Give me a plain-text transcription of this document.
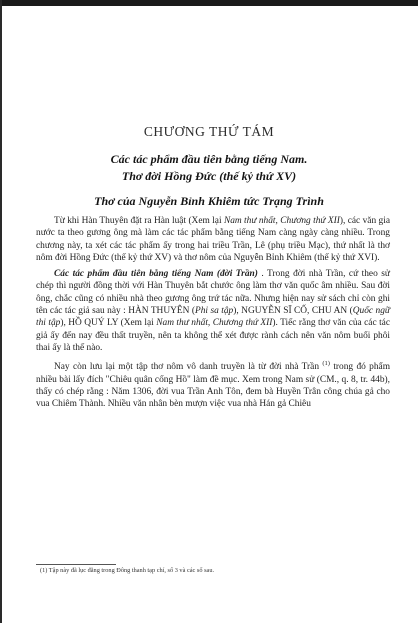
CHƯƠNG THỨ TÁM
Các tác phẩm đầu tiên bằng tiếng Nam.
Thơ đời Hồng Đức (thế kỷ thứ XV)
Thơ của Nguyễn Bỉnh Khiêm tức Trạng Trình

Từ khi Hàn Thuyên đặt ra Hàn luật (Xem lại Nam thư nhất, Chương thứ XII), các văn gia nước ta theo gương ông mà làm các tác phẩm bằng tiếng Nam càng ngày càng nhiều. Trong chương này, ta xét các tác phẩm ấy trong hai triều Trần, Lê (phụ triều Mạc), thứ nhất là thơ nôm đời Hồng Đức (thế kỷ thứ XV) và thơ nôm của Nguyễn Bỉnh Khiêm (thế kỷ thứ XVI).

Các tác phẩm đầu tiên bằng tiếng Nam (đời Trần) . Trong đời nhà Trần, cứ theo sử chép thì người đồng thời với Hàn Thuyên bắt chước ông làm thơ văn quốc âm nhiều. Sau đời ông, chắc cũng có nhiều nhà theo gương ông trứ tác nữa. Nhưng hiện nay sử sách chỉ còn ghi tên các tác giả sau này : HÀN THUYÊN (Phi sa tập), NGUYỄN SĨ CỐ, CHU AN (Quốc ngữ thi tập), HỒ QUÝ LY (Xem lại Nam thư nhất, Chương thứ XII). Tiếc rằng thơ văn của các tác giả ấy đến nay đều thất truyền, nên ta không thể xét được rành cách nên văn nôm buổi phôi thai ấy là thế nào.

Nay còn lưu lại một tập thơ nôm vô danh truyền là từ đời nhà Trần $^{(1)}$ trong đó phẩm nhiều bài lấy đích "Chiêu quân cống Hồ" làm đề mục. Xem trong Nam sử (CM., q. 8, tr. 44b), thấy có chép rằng : Năm 1306, đời vua Trần Anh Tôn, đem bà Huyền Trân công chúa gả cho vua Chiêm Thành. Nhiều văn nhân bèn mượn việc vua nhà Hán gả Chiêu

(1) Tập này đã lục đăng trong Đông thanh tạp chí, số 3 và các số sau.
